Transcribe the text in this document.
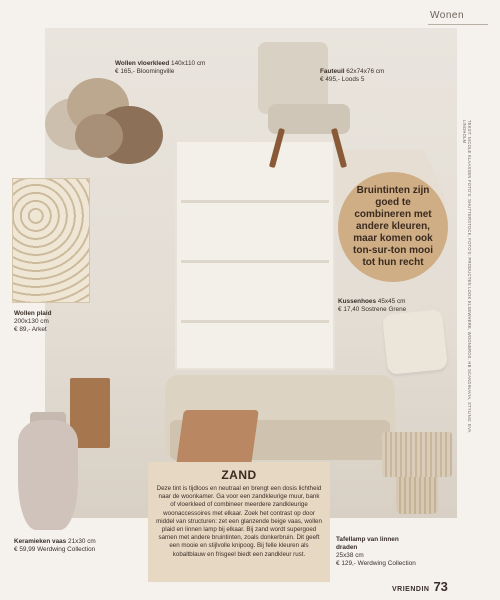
Wonen
Wollen vloerkleed 140x110 cm
€ 165,- Bloomingville	Fauteuil 62x74x76 cm
€ 495,- Loods 5
Wollen plaid
200x130 cm
€ 89,- Arket
Bruintinten zijn goed te combineren met andere kleuren, maar komen ook ton-sur-ton mooi tot hun recht
Kussenhoes 45x45 cm
€ 17,40 Sostrene Grene
Keramieken vaas 21x30 cm
€ 59,99 Werdwing Collection
ZAND
Deze tint is tijdloos en neutraal en brengt een dosis lichtheid naar de woonkamer. Ga voor een zandkleurige muur, bank of vloerkleed of combineer meerdere zandkleurige woonaccessoires met elkaar. Zoek het contrast op door middel van structuren: zet een glanzende beige vaas, wollen plaid en linnen lamp bij elkaar. Bij zand wordt supergoed samen met andere bruintinten, zoals donkerbruin. Dit geeft een mooie en stijlvolle knipoog. Bij felle kleuren als kobaltblauw en frisgeel biedt een zandkleur rust.
Tafellamp van linnen draden
25x38 cm
€ 129,- Werdwing Collection
TEKST: NICOLE KLAASSEN FOTO'S: SHUTTERSTOCK, FOTO'S: PRODUCTEN LOOK ELSEWHERE, WOONBROS. HB SCANDINAVIA, STYLING: EVA LINDHOLM
VRIENDIN 73
